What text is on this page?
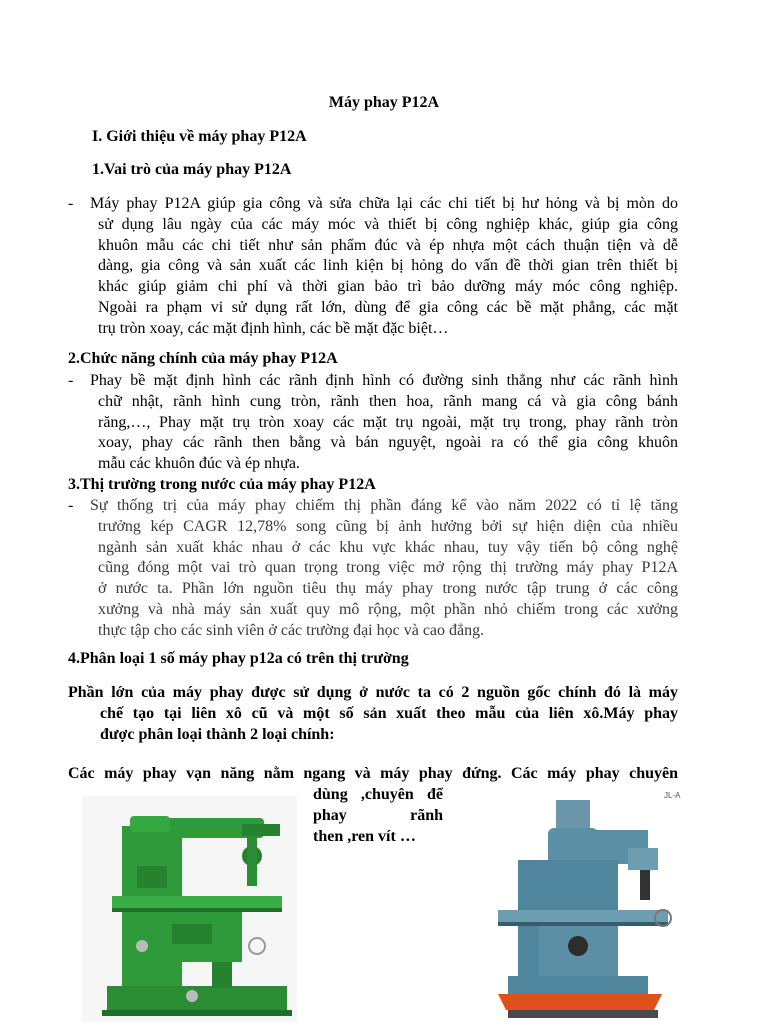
Máy phay P12A
I. Giới thiệu về máy phay P12A
1.Vai trò của máy phay P12A
- Máy phay P12A giúp gia công và sửa chữa lại các chi tiết bị hư hỏng và bị mòn do
sử dụng lâu ngày của các máy móc và thiết bị công nghiệp khác, giúp gia công
khuôn mẫu các chi tiết như sản phẩm đúc và ép nhựa một cách thuận tiện và dễ
dàng, gia công và sản xuất các linh kiện bị hỏng do vấn đề thời gian trên thiết bị
khác giúp giảm chi phí và thời gian bảo trì bảo dưỡng máy móc công nghiệp.
Ngoài ra phạm vi sử dụng rất lớn, dùng để gia công các bề mặt phẳng, các mặt
trụ tròn xoay, các mặt định hình, các bề mặt đặc biệt…
2.Chức năng chính của máy phay P12A
- Phay bề mặt định hình các rãnh định hình có đường sinh thẳng như các rãnh hình
chữ nhật, rãnh hình cung tròn, rãnh then hoa, rãnh mang cá và gia công bánh
răng,…, Phay mặt trụ tròn xoay các mặt trụ ngoài, mặt trụ trong, phay rãnh tròn
xoay, phay các rãnh then bằng và bán nguyệt, ngoài ra có thể gia công khuôn
mẫu các khuôn đúc và ép nhựa.
3.Thị trường trong nước của máy phay P12A
- Sự thống trị của máy phay chiếm thị phần đáng kể vào năm 2022 có tỉ lệ tăng
trưởng kép CAGR 12,78% song cũng bị ảnh hưởng bởi sự hiện diện của nhiều
ngành sản xuất khác nhau ở các khu vực khác nhau, tuy vậy tiến bộ công nghệ
cũng đóng một vai trò quan trọng trong việc mở rộng thị trường máy phay P12A
ở nước ta. Phần lớn nguồn tiêu thụ máy phay trong nước tập trung ở các công
xưởng và nhà máy sản xuất quy mô rộng, một phần nhỏ chiếm trong các xưởng
thực tập cho các sinh viên ở các trường đại học và cao đẳng.
4.Phân loại 1 số máy phay p12a có trên thị trường
Phần lớn của máy phay được sử dụng ở nước ta có 2 nguồn gốc chính đó là máy
chế tạo tại liên xô cũ và một số sản xuất theo mẫu của liên xô.Máy phay
được phân loại thành 2 loại chính:
Các máy phay vạn năng nằm ngang và máy phay đứng. Các máy phay chuyên
dùng ,chuyên để
phay rãnh
then ,ren vít …
JL-A
